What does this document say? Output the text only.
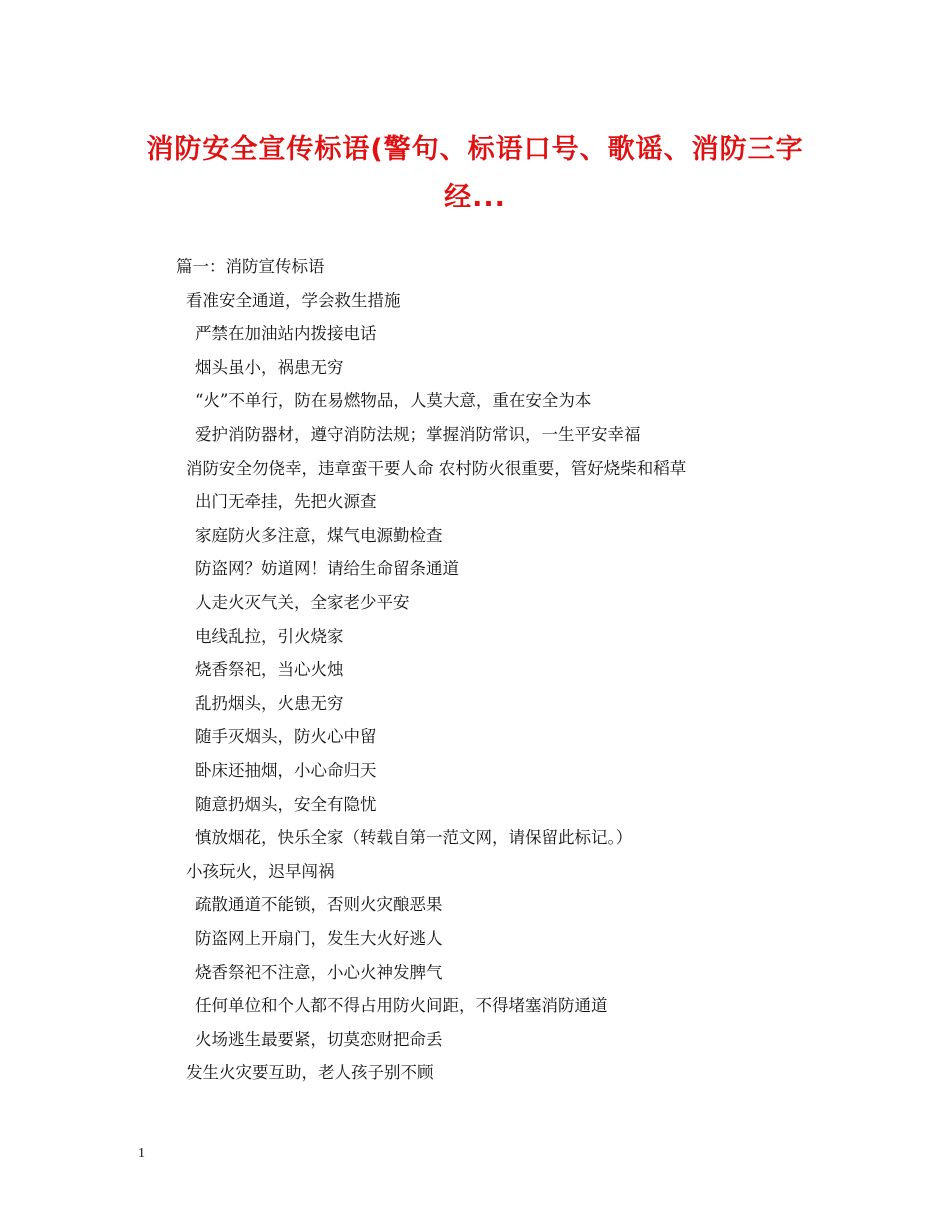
消防安全宣传标语(警句、标语口号、歌谣、消防三字
经...
篇一：消防宣传标语
看准安全通道，学会救生措施
严禁在加油站内拨接电话
烟头虽小，祸患无穷
“火”不单行，防在易燃物品，人莫大意，重在安全为本
爱护消防器材，遵守消防法规；掌握消防常识，一生平安幸福
消防安全勿侥幸，违章蛮干要人命 农村防火很重要，管好烧柴和稻草
出门无牵挂，先把火源查
家庭防火多注意，煤气电源勤检查
防盗网？妨道网！请给生命留条通道
人走火灭气关，全家老少平安
电线乱拉，引火烧家
烧香祭祀，当心火烛
乱扔烟头，火患无穷
随手灭烟头，防火心中留
卧床还抽烟，小心命归天
随意扔烟头，安全有隐忧
慎放烟花，快乐全家（转载自第一范文网，请保留此标记。）
小孩玩火，迟早闯祸
疏散通道不能锁，否则火灾酿恶果
防盗网上开扇门，发生大火好逃人
烧香祭祀不注意，小心火神发脾气
任何单位和个人都不得占用防火间距，不得堵塞消防通道
火场逃生最要紧，切莫恋财把命丢
发生火灾要互助，老人孩子别不顾
1
